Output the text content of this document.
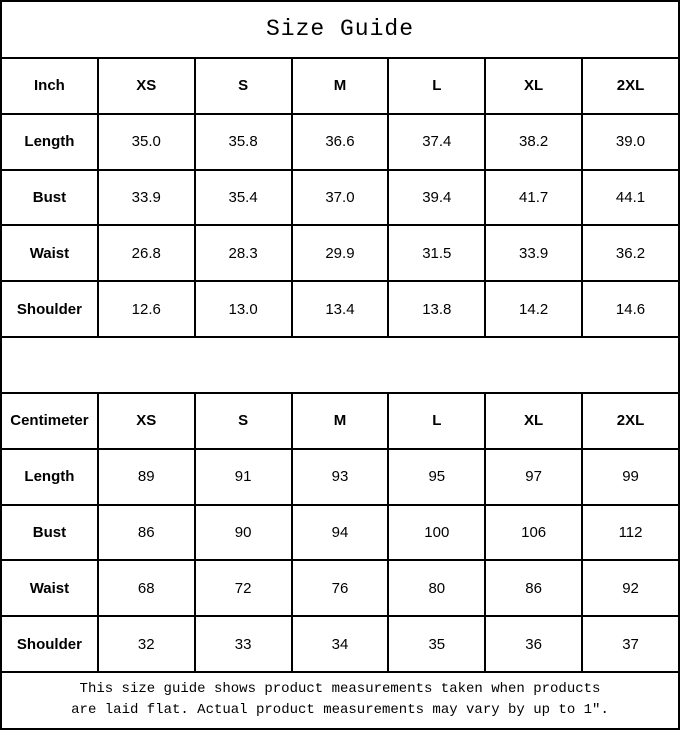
Size Guide						
Inch	XS	S	M	L	XL	2XL
Length	35.0	35.8	36.6	37.4	38.2	39.0
Bust	33.9	35.4	37.0	39.4	41.7	44.1
Waist	26.8	28.3	29.9	31.5	33.9	36.2
Shoulder	12.6	13.0	13.4	13.8	14.2	14.6

Centimeter	XS	S	M	L	XL	2XL
Length	89	91	93	95	97	99
Bust	86	90	94	100	106	112
Waist	68	72	76	80	86	92
Shoulder	32	33	34	35	36	37

This size guide shows product measurements taken when products
are laid flat. Actual product measurements may vary by up to 1″.						
